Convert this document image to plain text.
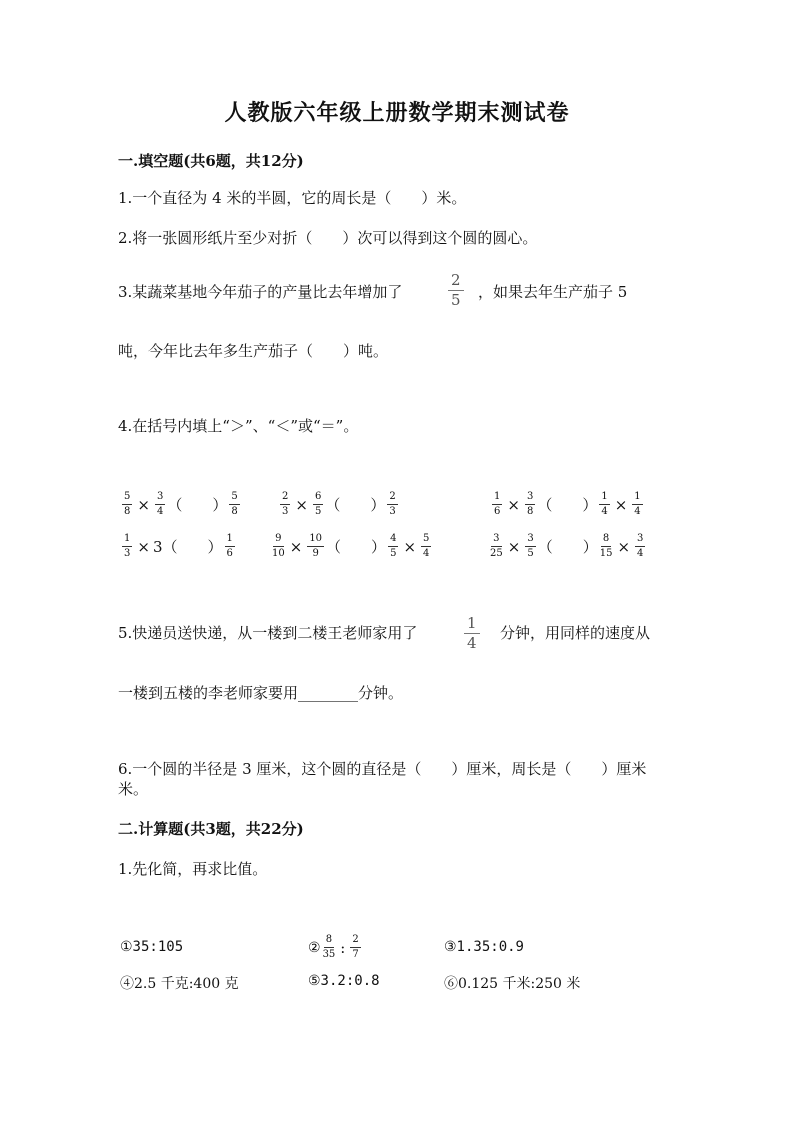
人教版六年级上册数学期末测试卷
一.填空题(共6题，共12分)
1.一个直径为 4 米的半圆，它的周长是（　　）米。
2.将一张圆形纸片至少对折（　　）次可以得到这个圆的圆心。
3.某蔬菜基地今年茄子的产量比去年增加了	$\frac{2}{5}$ ，如果去年生产茄子 5
吨，今年比去年多生产茄子（　　）吨。
4.在括号内填上“＞”、“＜”或“＝”。
$\frac{5}{8} \times \frac{3}{4}$ （　　） $\frac{5}{8}$	$\frac{2}{3} \times \frac{6}{5}$ （　　） $\frac{2}{3}$	$\frac{1}{6} \times \frac{3}{8}$ （　　） $\frac{1}{4} \times \frac{1}{4}$
$\frac{1}{3} \times 3$ （　　） $\frac{1}{6}$	$\frac{9}{10} \times \frac{10}{9}$ （　　） $\frac{4}{5} \times \frac{5}{4}$	$\frac{3}{25} \times \frac{3}{5}$ （　　） $\frac{8}{15} \times \frac{3}{4}$
5.快递员送快递，从一楼到二楼王老师家用了	$\frac{1}{4}$ 分钟，用同样的速度从
一楼到五楼的李老师家要用________分钟。
6.一个圆的半径是 3 厘米，这个圆的直径是（　　）厘米，周长是（　　）厘米
米。
二.计算题(共3题，共22分)
1.先化简，再求比值。
①35:105	② $\frac{8}{35}$ : $\frac{2}{7}$	③1.35:0.9
④2.5 千克:400 克	⑤3.2:0.8	⑥0.125 千米:250 米
